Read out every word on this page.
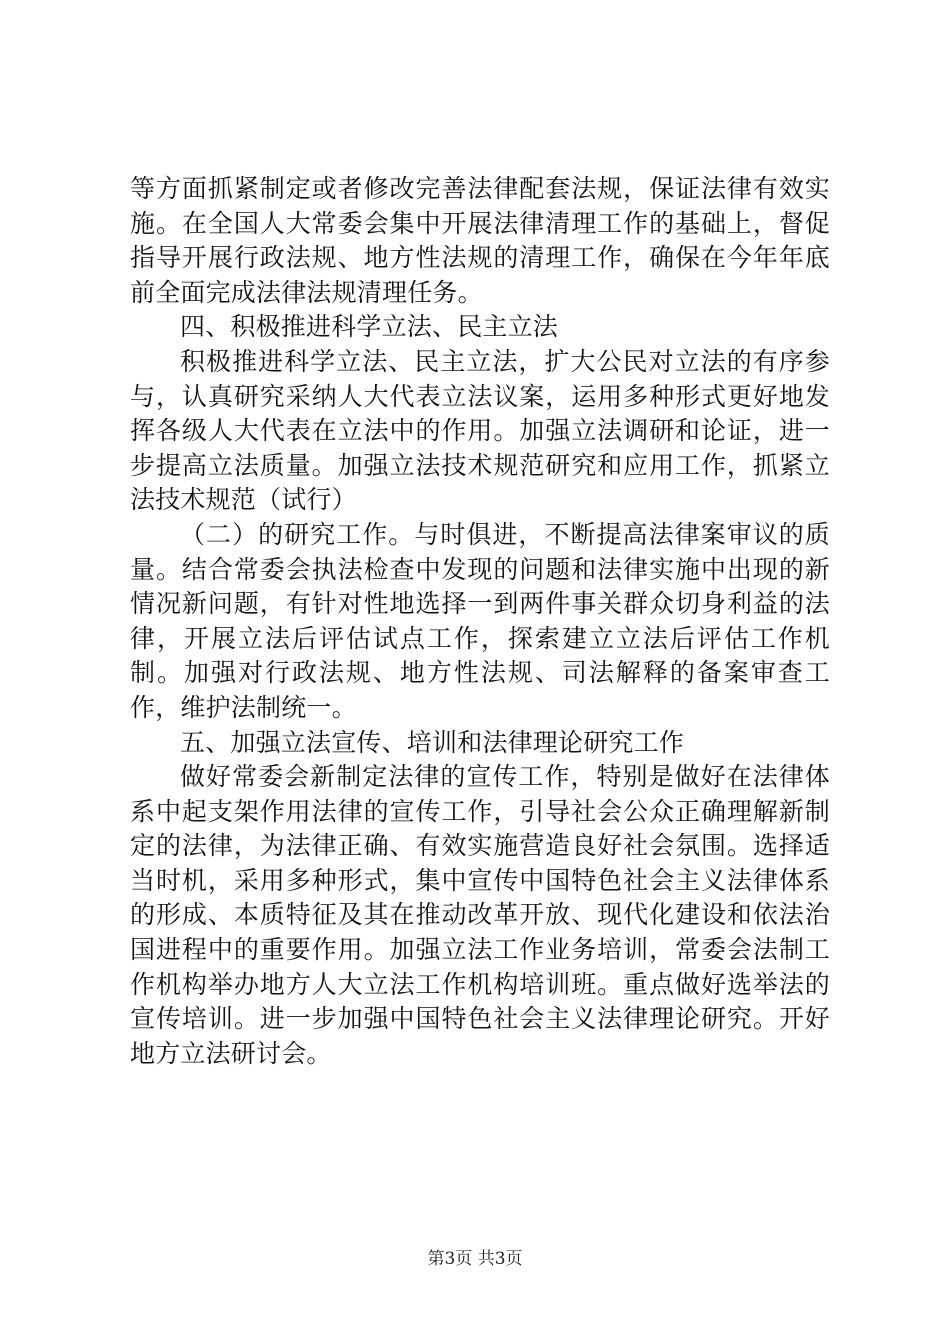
等方面抓紧制定或者修改完善法律配套法规，保证法律有效实施。在全国人大常委会集中开展法律清理工作的基础上，督促指导开展行政法规、地方性法规的清理工作，确保在今年年底前全面完成法律法规清理任务。

四、积极推进科学立法、民主立法

积极推进科学立法、民主立法，扩大公民对立法的有序参与，认真研究采纳人大代表立法议案，运用多种形式更好地发挥各级人大代表在立法中的作用。加强立法调研和论证，进一步提高立法质量。加强立法技术规范研究和应用工作，抓紧立法技术规范（试行）

（二）的研究工作。与时俱进，不断提高法律案审议的质量。结合常委会执法检查中发现的问题和法律实施中出现的新情况新问题，有针对性地选择一到两件事关群众切身利益的法律，开展立法后评估试点工作，探索建立立法后评估工作机制。加强对行政法规、地方性法规、司法解释的备案审查工作，维护法制统一。

五、加强立法宣传、培训和法律理论研究工作

做好常委会新制定法律的宣传工作，特别是做好在法律体系中起支架作用法律的宣传工作，引导社会公众正确理解新制定的法律，为法律正确、有效实施营造良好社会氛围。选择适当时机，采用多种形式，集中宣传中国特色社会主义法律体系的形成、本质特征及其在推动改革开放、现代化建设和依法治国进程中的重要作用。加强立法工作业务培训，常委会法制工作机构举办地方人大立法工作机构培训班。重点做好选举法的宣传培训。进一步加强中国特色社会主义法律理论研究。开好地方立法研讨会。

第3页 共3页
